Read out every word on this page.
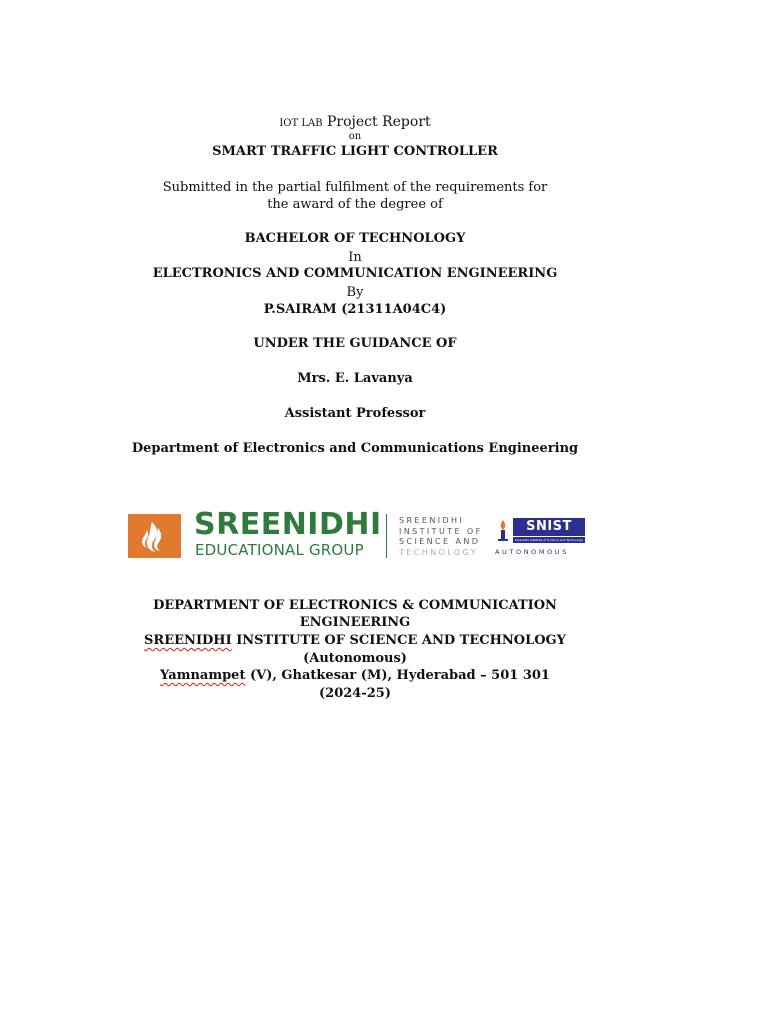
IOT LAB Project Report
on
SMART TRAFFIC LIGHT CONTROLLER
Submitted in the partial fulfilment of the requirements for
the award of the degree of
BACHELOR OF TECHNOLOGY
In
ELECTRONICS AND COMMUNICATION ENGINEERING
By
P.SAIRAM (21311A04C4)
UNDER THE GUIDANCE OF
Mrs. E. Lavanya
Assistant Professor
Department of Electronics and Communications Engineering
SREENIDHI
EDUCATIONAL GROUP
SREENIDHI
INSTITUTE OF
SCIENCE AND
TECHNOLOGY
SNIST
Sreenidhi Institute of Science and Technology
AUTONOMOUS
DEPARTMENT OF ELECTRONICS & COMMUNICATION
ENGINEERING
SREENIDHI INSTITUTE OF SCIENCE AND TECHNOLOGY
(Autonomous)
Yamnampet (V), Ghatkesar (M), Hyderabad – 501 301
(2024-25)
